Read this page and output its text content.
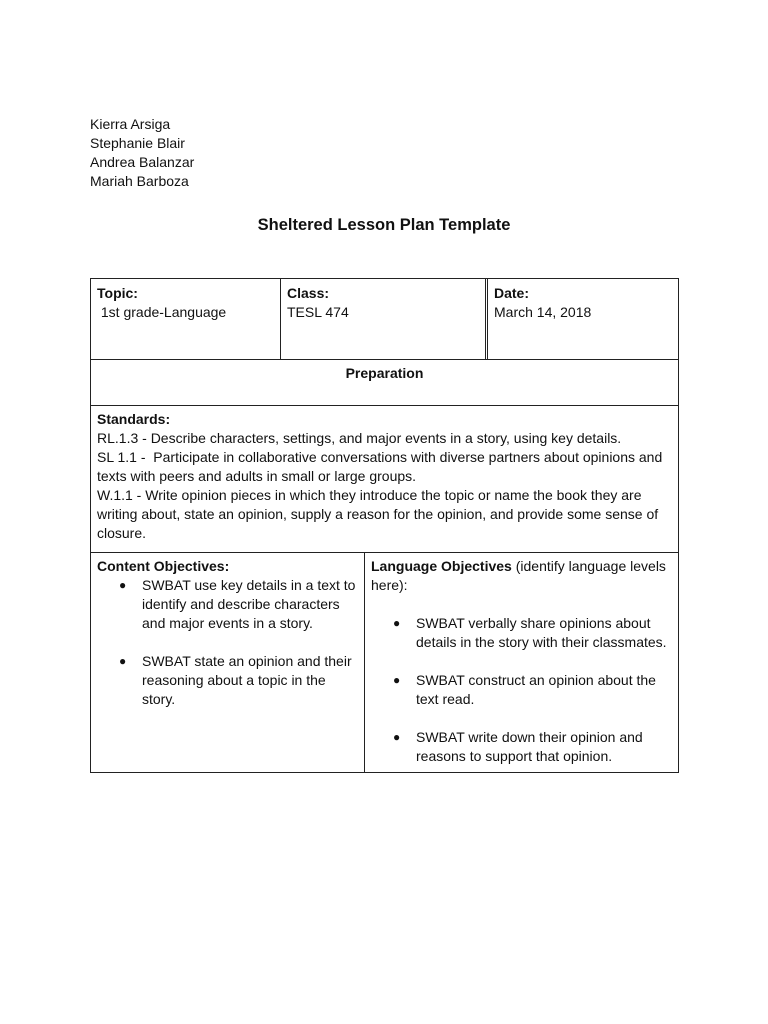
Kierra Arsiga
Stephanie Blair
Andrea Balanzar
Mariah Barboza
Sheltered Lesson Plan Template
Topic:
1st grade-Language
Class:
TESL 474
Date:
March 14, 2018
Preparation
Standards:
RL.1.3 - Describe characters, settings, and major events in a story, using key details.
SL 1.1 -  Participate in collaborative conversations with diverse partners about opinions and texts with peers and adults in small or large groups.
W.1.1 - Write opinion pieces in which they introduce the topic or name the book they are writing about, state an opinion, supply a reason for the opinion, and provide some sense of closure.
Content Objectives:
● SWBAT use key details in a text to identify and describe characters and major events in a story.
● SWBAT state an opinion and their reasoning about a topic in the story.
Language Objectives (identify language levels here):
● SWBAT verbally share opinions about details in the story with their classmates.
● SWBAT construct an opinion about the text read.
● SWBAT write down their opinion and reasons to support that opinion.
